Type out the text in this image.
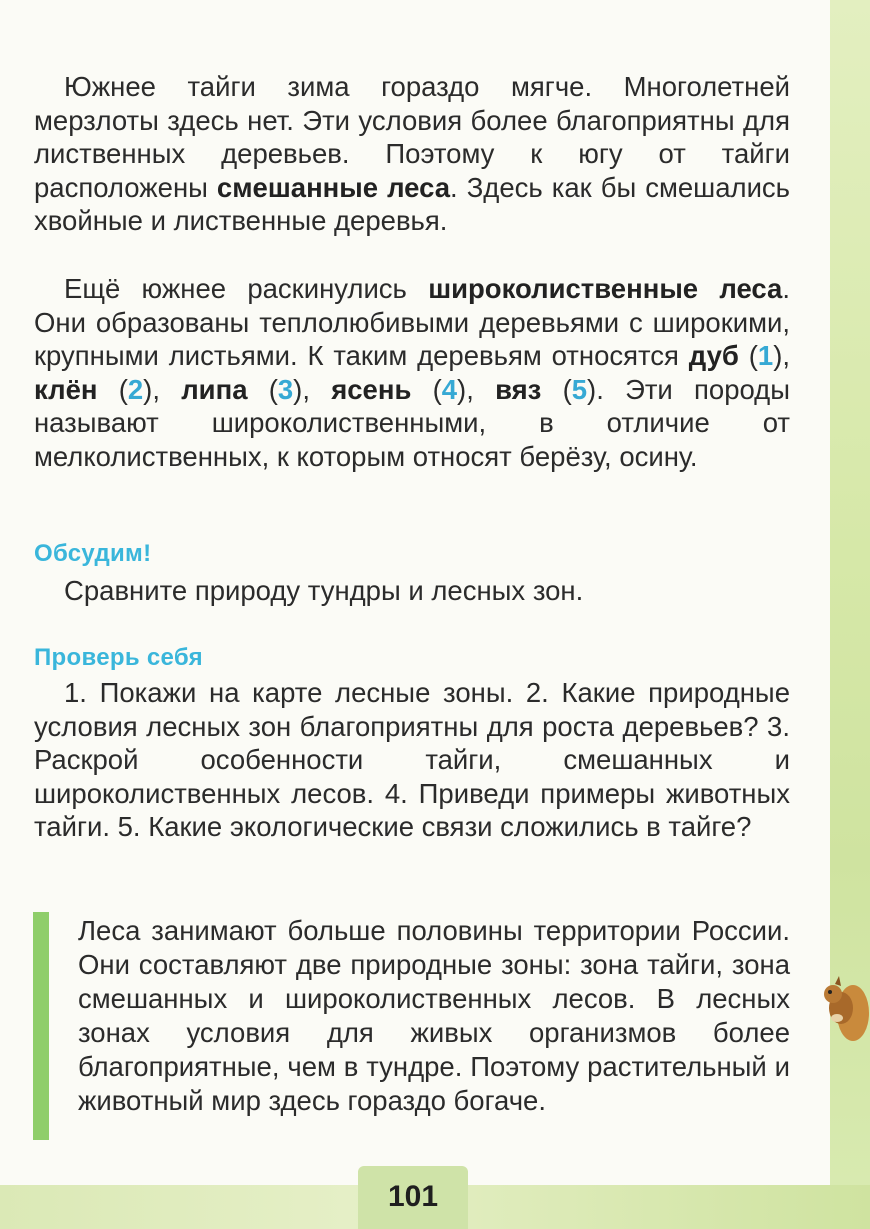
Южнее тайги зима гораздо мягче. Многолетней мерзлоты здесь нет. Эти условия более благоприятны для лиственных деревьев. Поэтому к югу от тайги расположены смешанные леса. Здесь как бы смешались хвойные и лиственные деревья.

Ещё южнее раскинулись широколиственные леса. Они образованы теплолюбивыми деревьями с широкими, крупными листьями. К таким деревьям относятся дуб (1), клён (2), липа (3), ясень (4), вяз (5). Эти породы называют широколиственными, в отличие от мелколиственных, к которым относят берёзу, осину.

Обсудим!

Сравните природу тундры и лесных зон.

Проверь себя

1. Покажи на карте лесные зоны. 2. Какие природные условия лесных зон благоприятны для роста деревьев? 3. Раскрой особенности тайги, смешанных и широколиственных лесов. 4. Приведи примеры животных тайги. 5. Какие экологические связи сложились в тайге?

Леса занимают больше половины территории России. Они составляют две природные зоны: зона тайги, зона смешанных и широколиственных лесов. В лесных зонах условия для живых организмов более благоприятные, чем в тундре. Поэтому растительный и животный мир здесь гораздо богаче.

101
